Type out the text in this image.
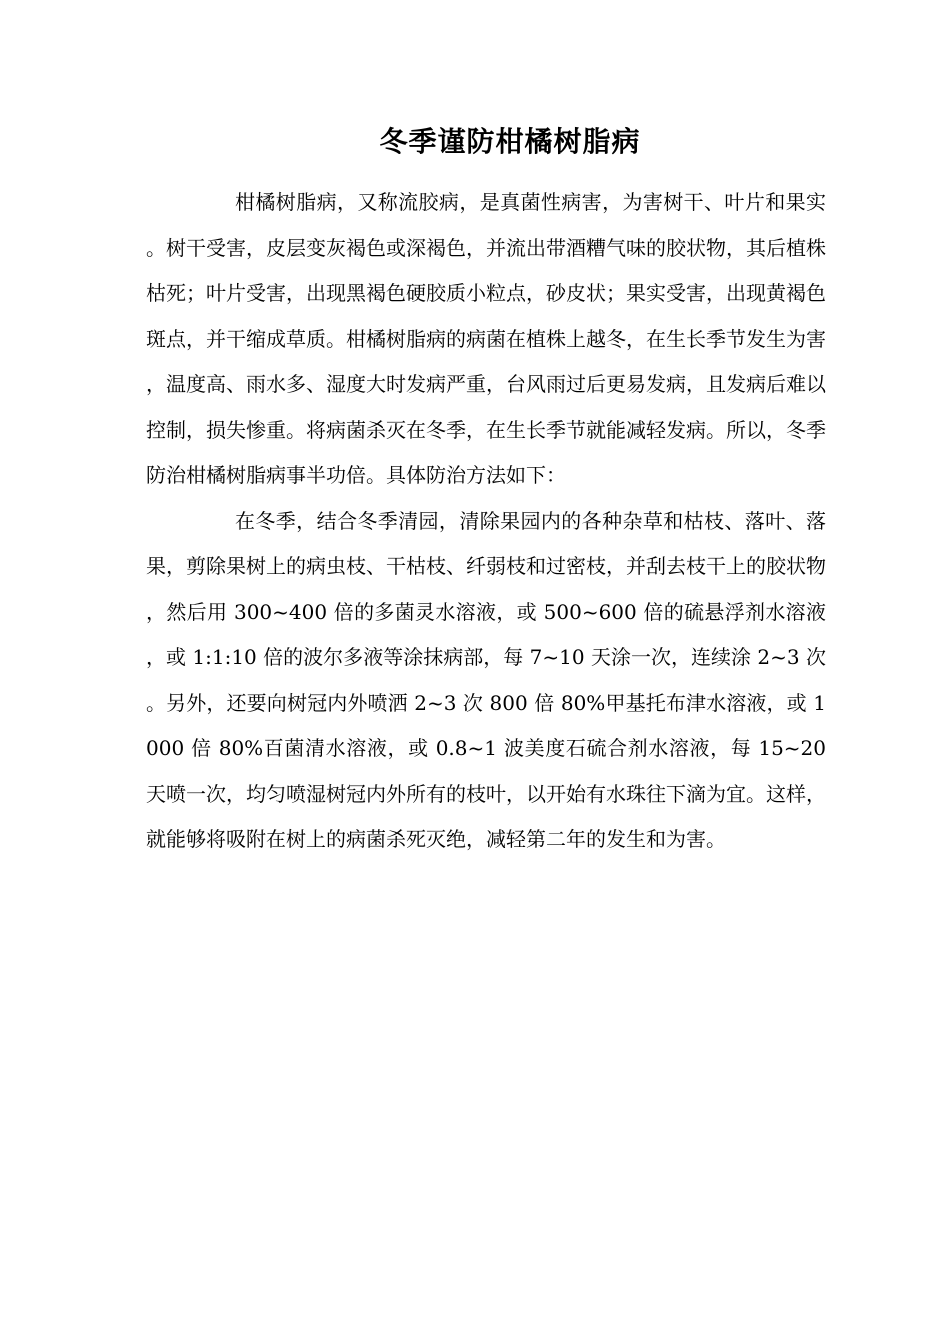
冬季谨防柑橘树脂病

柑橘树脂病，又称流胶病，是真菌性病害，为害树干、叶片和果实。树干受害，皮层变灰褐色或深褐色，并流出带酒糟气味的胶状物，其后植株枯死；叶片受害，出现黑褐色硬胶质小粒点，砂皮状；果实受害，出现黄褐色斑点，并干缩成草质。柑橘树脂病的病菌在植株上越冬，在生长季节发生为害，温度高、雨水多、湿度大时发病严重，台风雨过后更易发病，且发病后难以控制，损失惨重。将病菌杀灭在冬季，在生长季节就能减轻发病。所以，冬季防治柑橘树脂病事半功倍。具体防治方法如下：

在冬季，结合冬季清园，清除果园内的各种杂草和枯枝、落叶、落果，剪除果树上的病虫枝、干枯枝、纤弱枝和过密枝，并刮去枝干上的胶状物，然后用 300~400 倍的多菌灵水溶液，或 500~600 倍的硫悬浮剂水溶液，或 1:1:10 倍的波尔多液等涂抹病部，每 7~10 天涂一次，连续涂 2~3 次。另外，还要向树冠内外喷洒 2~3 次 800 倍 80%甲基托布津水溶液，或 1000 倍 80%百菌清水溶液，或 0.8~1 波美度石硫合剂水溶液，每 15~20 天喷一次，均匀喷湿树冠内外所有的枝叶，以开始有水珠往下滴为宜。这样，就能够将吸附在树上的病菌杀死灭绝，减轻第二年的发生和为害。
